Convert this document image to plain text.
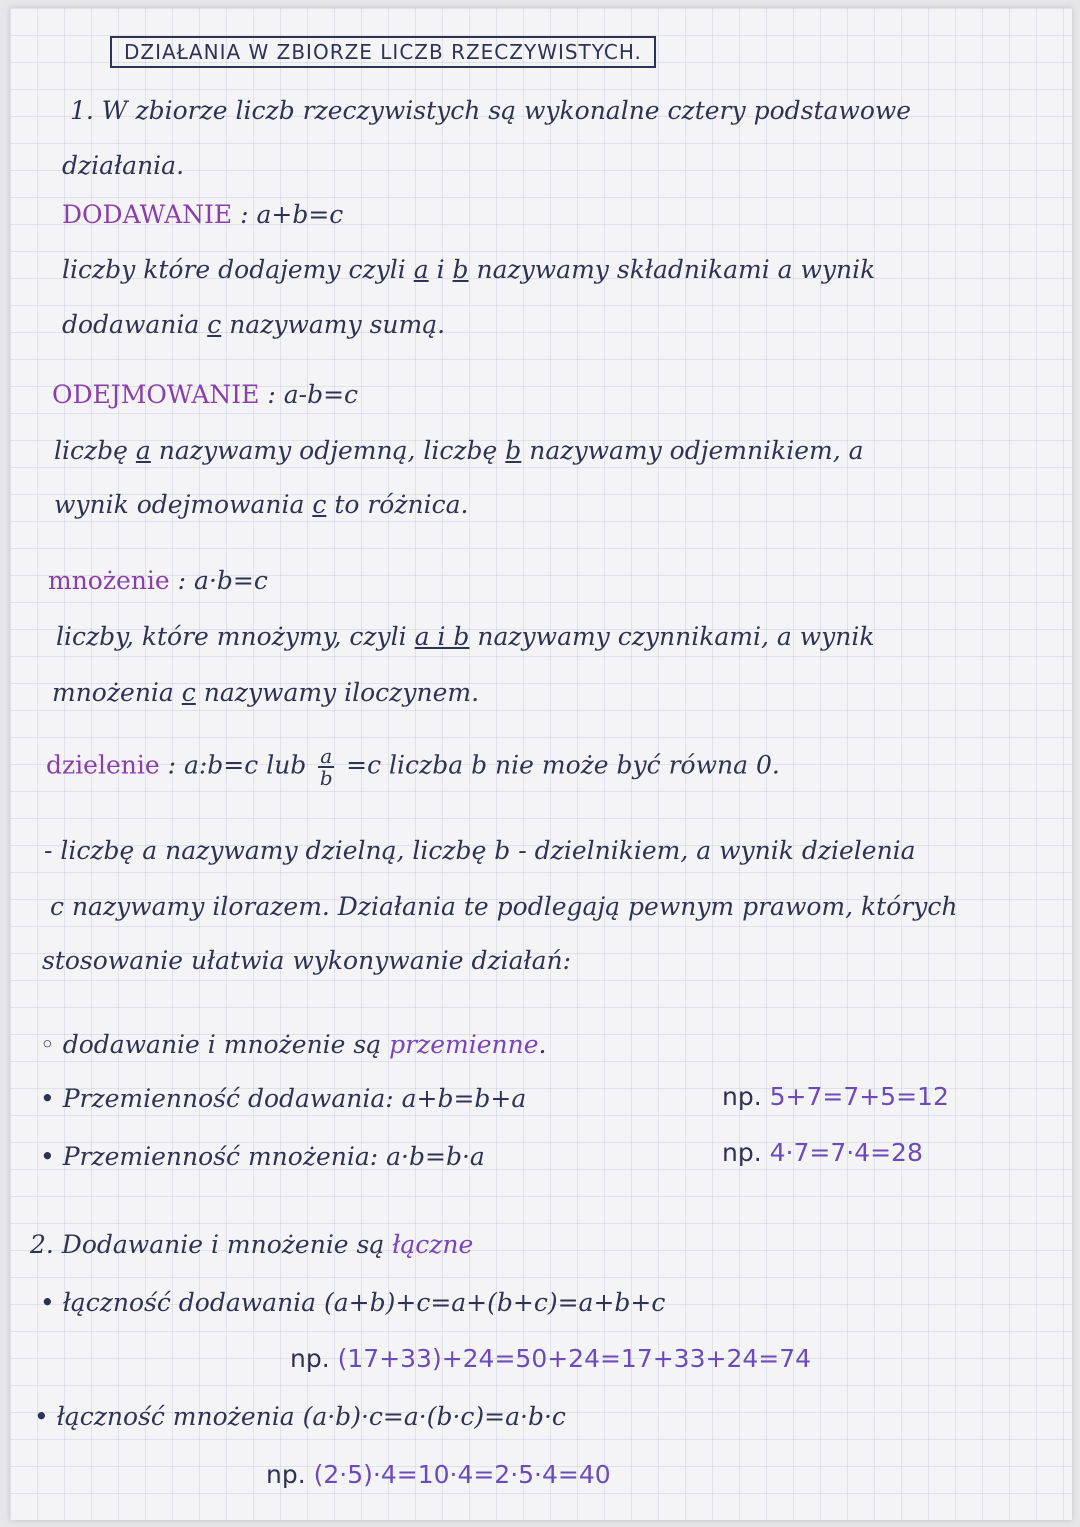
DZIAŁANIA W ZBIORZE LICZB RZECZYWISTYCH.
1. W zbiorze liczb rzeczywistych są wykonalne cztery podstawowe
działania.
DODAWANIE : a+b=c
liczby które dodajemy czyli a i b nazywamy składnikami a wynik
dodawania c nazywamy sumą.
ODEJMOWANIE : a-b=c
liczbę a nazywamy odjemną, liczbę b nazywamy odjemnikiem, a
wynik odejmowania c to różnica.
mnożenie : a·b=c
liczby, które mnożymy, czyli a i b nazywamy czynnikami, a wynik
mnożenia c nazywamy iloczynem.
dzielenie : a:b=c lub $\frac{a}{b} =c$ liczba b nie może być równa 0.
- liczbę a nazywamy dzielną, liczbę b - dzielnikiem, a wynik dzielenia
c nazywamy ilorazem. Działania te podlegają pewnym prawom, których
stosowanie ułatwia wykonywanie działań:
◦ dodawanie i mnożenie są przemienne.
• Przemienność dodawania: a+b=b+a	np. 5+7=7+5=12
• Przemienność mnożenia: a·b=b·a	np. 4·7=7·4=28
2. Dodawanie i mnożenie są łączne
• łączność dodawania (a+b)+c=a+(b+c)=a+b+c
np. (17+33)+24=50+24=17+33+24=74
• łączność mnożenia (a·b)·c=a·(b·c)=a·b·c
np. (2·5)·4=10·4=2·5·4=40
